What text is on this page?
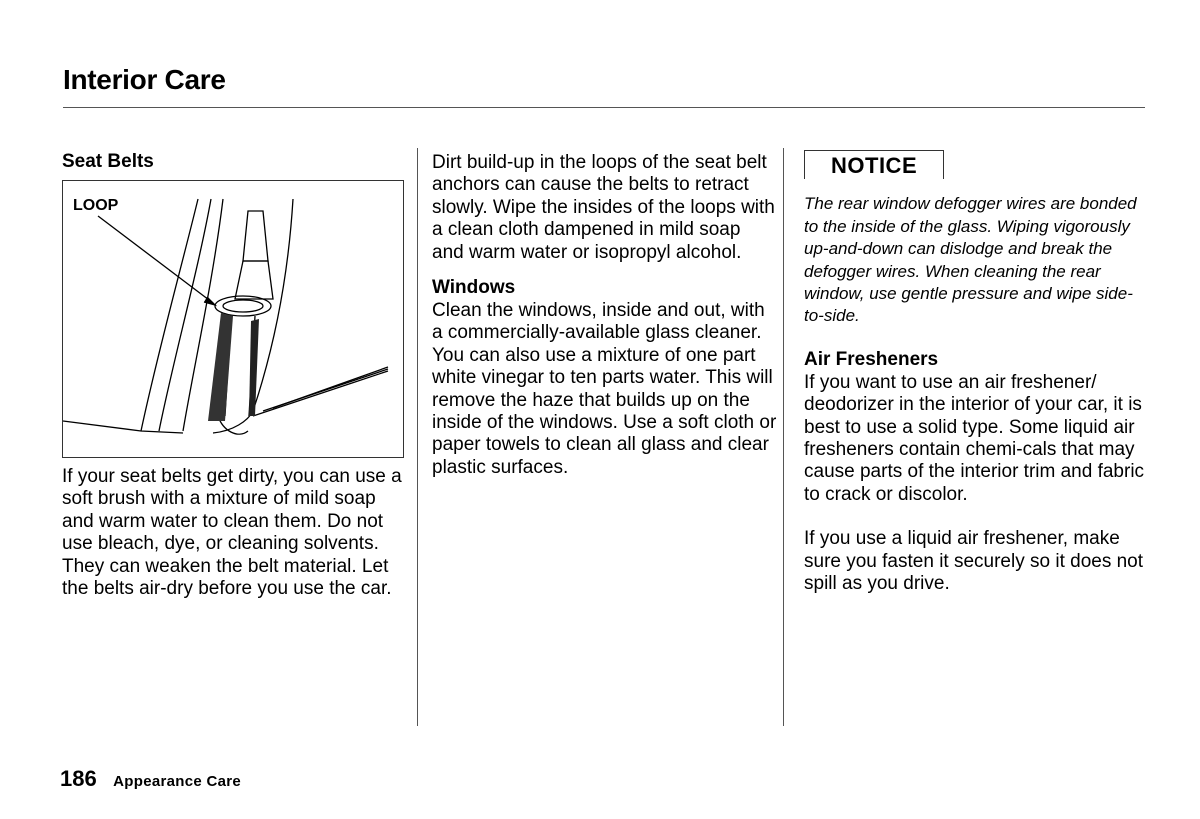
Interior Care
Seat Belts
LOOP

If your seat belts get dirty, you can use a soft brush with a mixture of mild soap and warm water to clean them. Do not use bleach, dye, or cleaning solvents. They can weaken the belt material. Let the belts air-dry before you use the car.

Dirt build-up in the loops of the seat belt anchors can cause the belts to retract slowly. Wipe the insides of the loops with a clean cloth dampened in mild soap and warm water or isopropyl alcohol.

Windows

Clean the windows, inside and out, with a commercially-available glass cleaner. You can also use a mixture of one part white vinegar to ten parts water. This will remove the haze that builds up on the inside of the windows. Use a soft cloth or paper towels to clean all glass and clear plastic surfaces.

NOTICE

The rear window defogger wires are bonded to the inside of the glass. Wiping vigorously up-and-down can dislodge and break the defogger wires. When cleaning the rear window, use gentle pressure and wipe side-to-side.

Air Fresheners

If you want to use an air freshener/ deodorizer in the interior of your car, it is best to use a solid type. Some liquid air fresheners contain chemi-cals that may cause parts of the interior trim and fabric to crack or discolor.

If you use a liquid air freshener, make sure you fasten it securely so it does not spill as you drive.

186 Appearance Care
